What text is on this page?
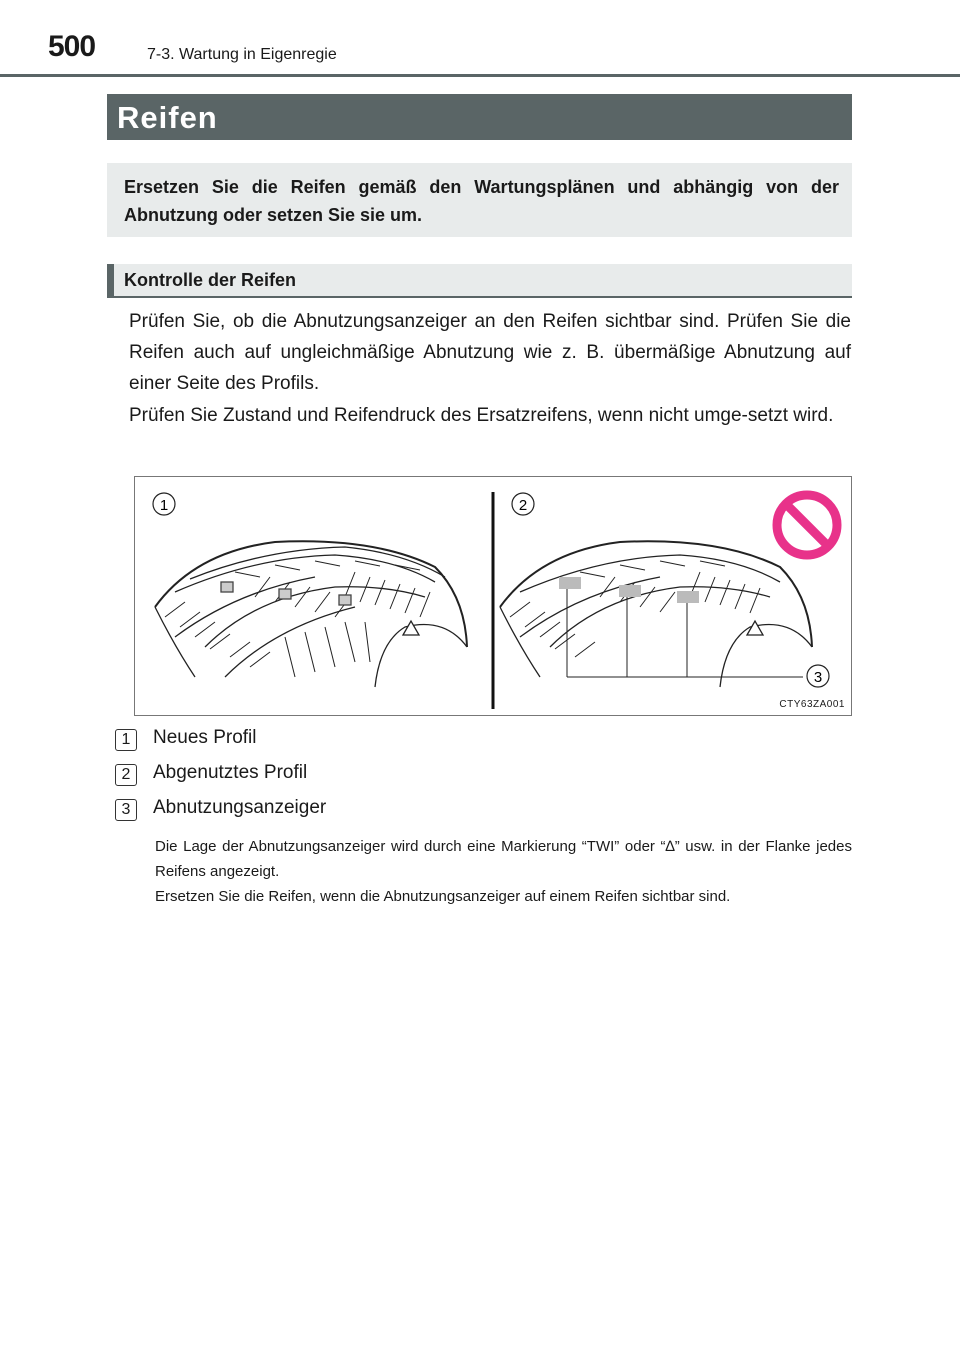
500	7-3. Wartung in Eigenregie
Reifen

Ersetzen Sie die Reifen gemäß den Wartungsplänen und abhängig von der Abnutzung oder setzen Sie sie um.

Kontrolle der Reifen

Prüfen Sie, ob die Abnutzungsanzeiger an den Reifen sichtbar sind. Prüfen Sie die Reifen auch auf ungleichmäßige Abnutzung wie z. B. übermäßige Abnutzung auf einer Seite des Profils.

Prüfen Sie Zustand und Reifendruck des Ersatzreifens, wenn nicht umge-setzt wird.

1	2
3
CTY63ZA001
1	Neues Profil
2	Abgenutztes Profil
3	Abnutzungsanzeiger

Die Lage der Abnutzungsanzeiger wird durch eine Markierung “TWI” oder “∆” usw. in der Flanke jedes Reifens angezeigt.

Ersetzen Sie die Reifen, wenn die Abnutzungsanzeiger auf einem Reifen sichtbar sind.
